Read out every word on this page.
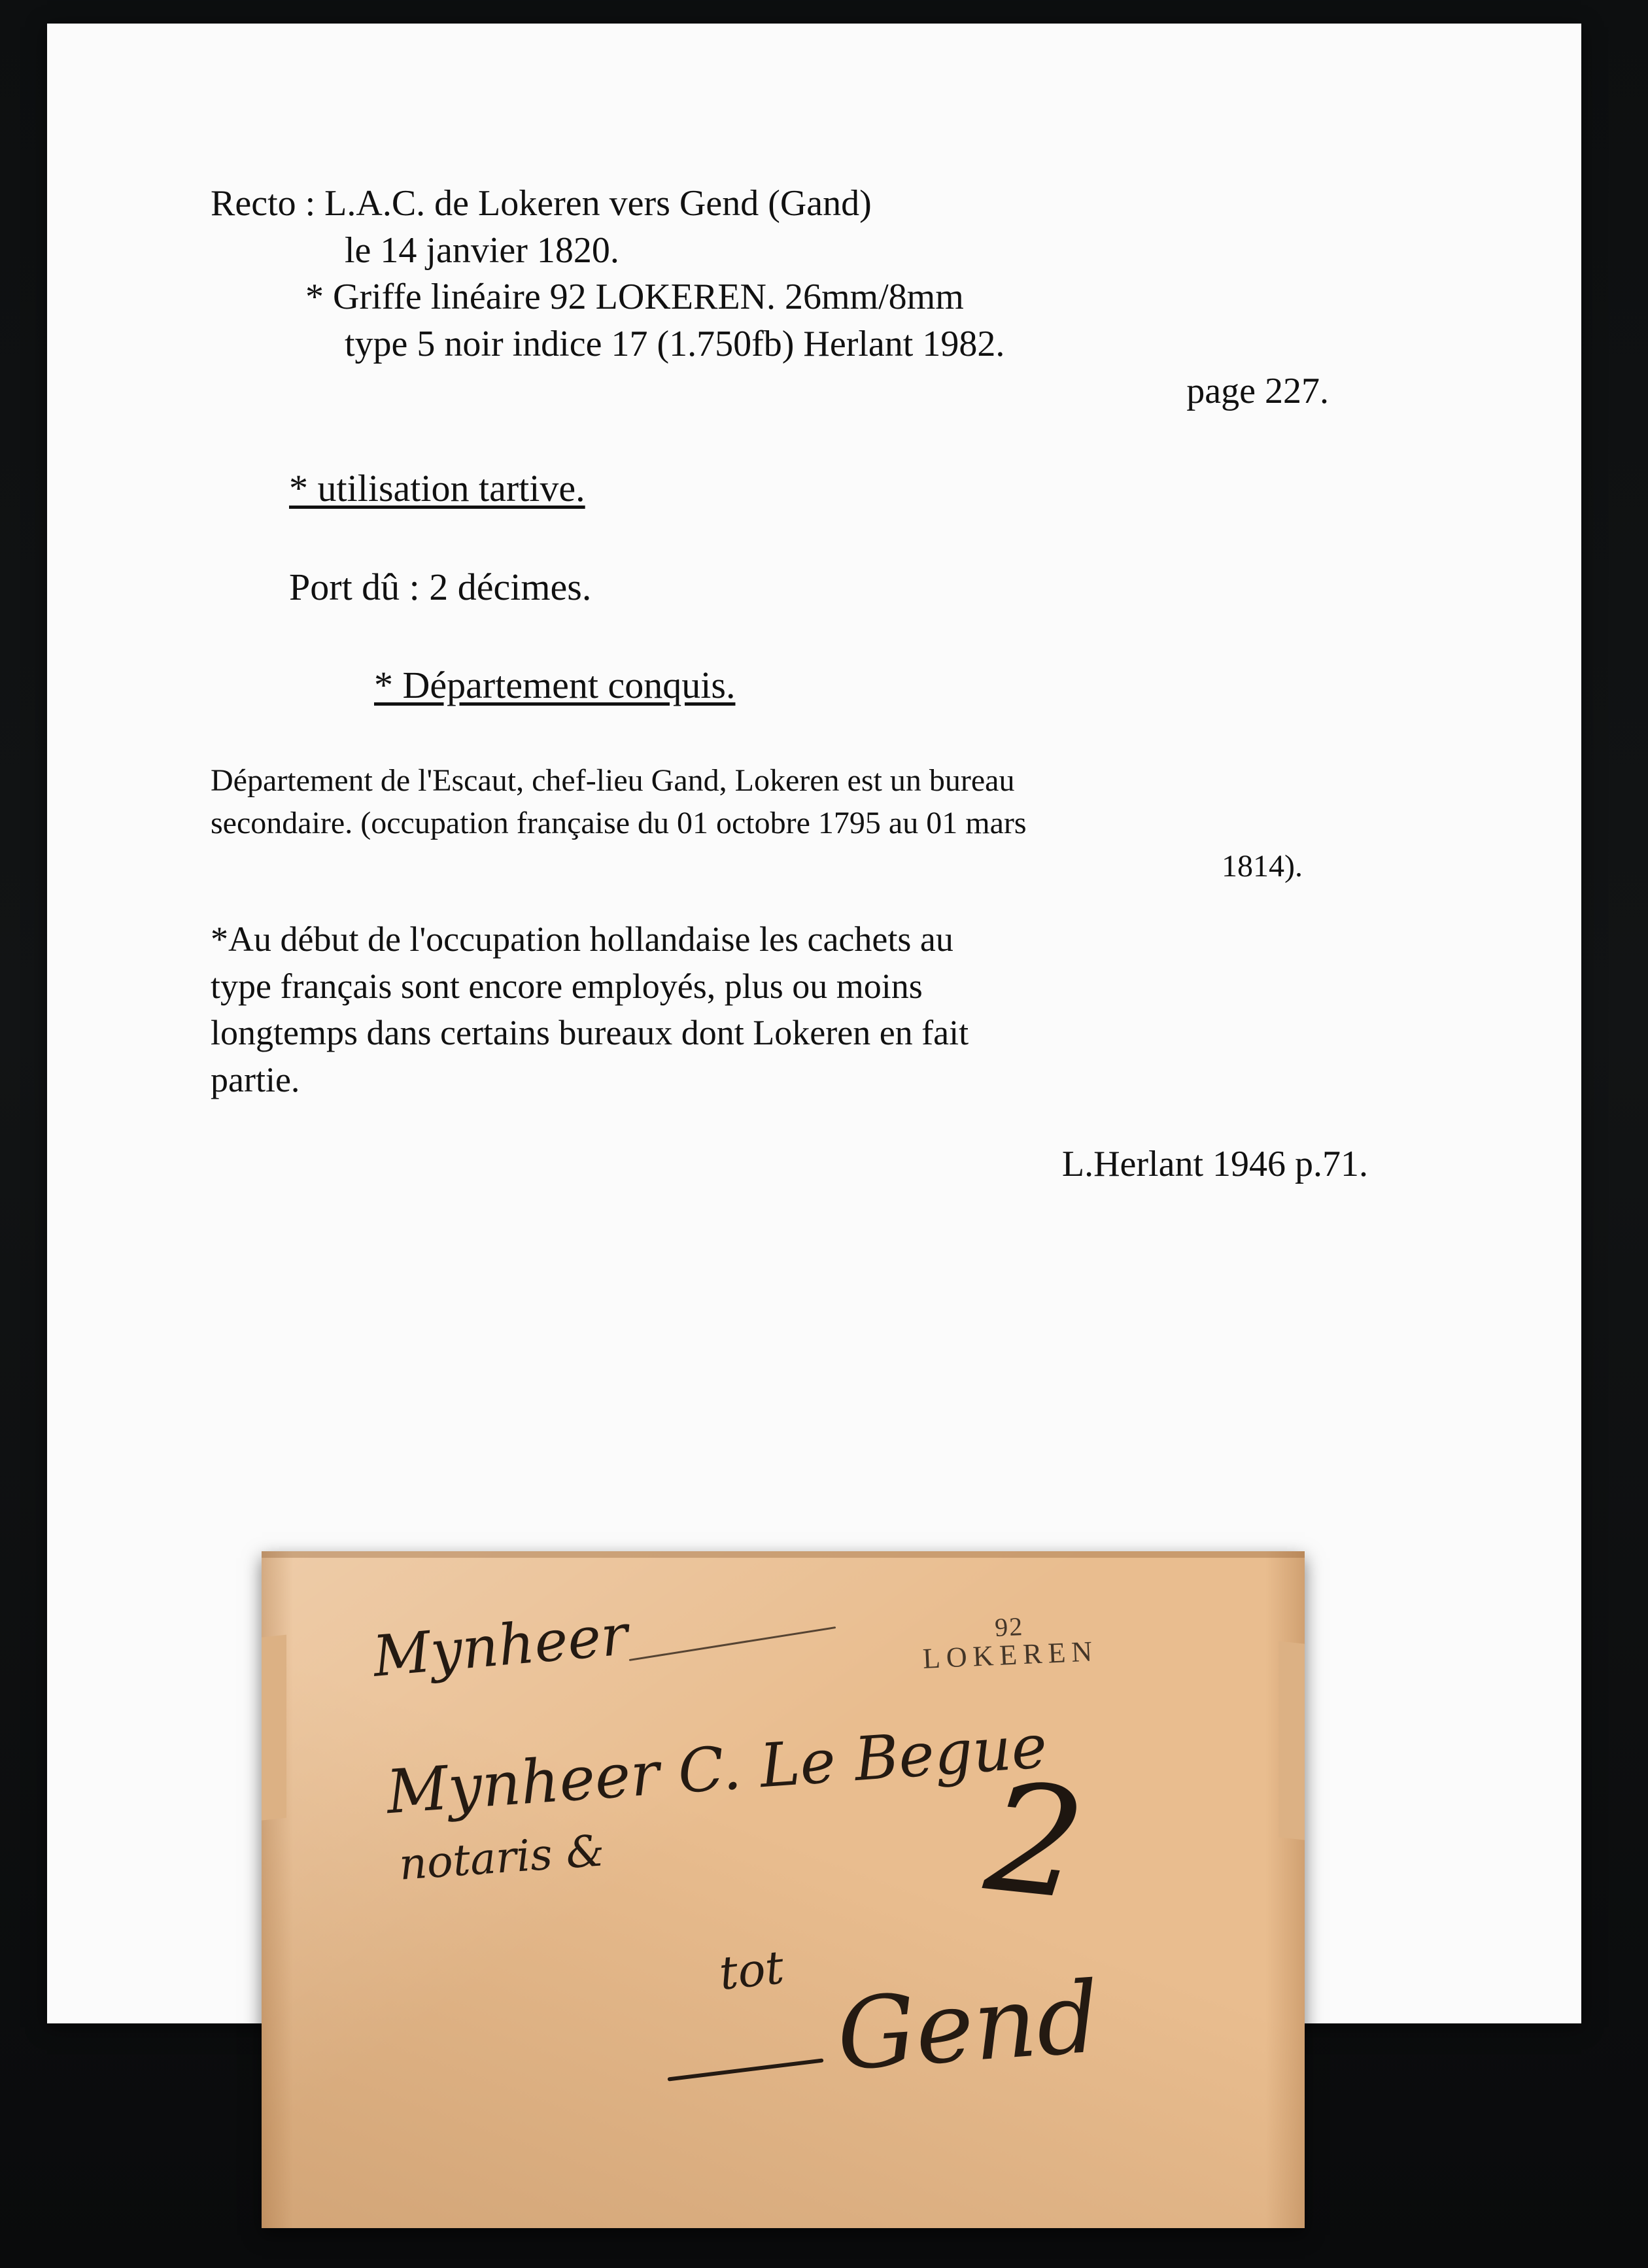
Recto : L.A.C. de Lokeren vers Gend (Gand)
le 14 janvier 1820.
* Griffe linéaire 92 LOKEREN. 26mm/8mm
type 5 noir indice 17 (1.750fb) Herlant 1982.
page 227.
* utilisation tartive.
Port dû : 2 décimes.
* Département conquis.
Département de l'Escaut, chef-lieu Gand, Lokeren est un bureau
secondaire. (occupation française du 01 octobre 1795 au 01 mars
1814).
*Au début de l'occupation hollandaise les cachets au
type français sont encore employés, plus ou moins
longtemps dans certains bureaux dont Lokeren en fait
partie.
L.Herlant 1946 p.71.
92
LOKEREN
Mynheer
Mynheer C. Le Begue
notaris &
tot Gend
2
